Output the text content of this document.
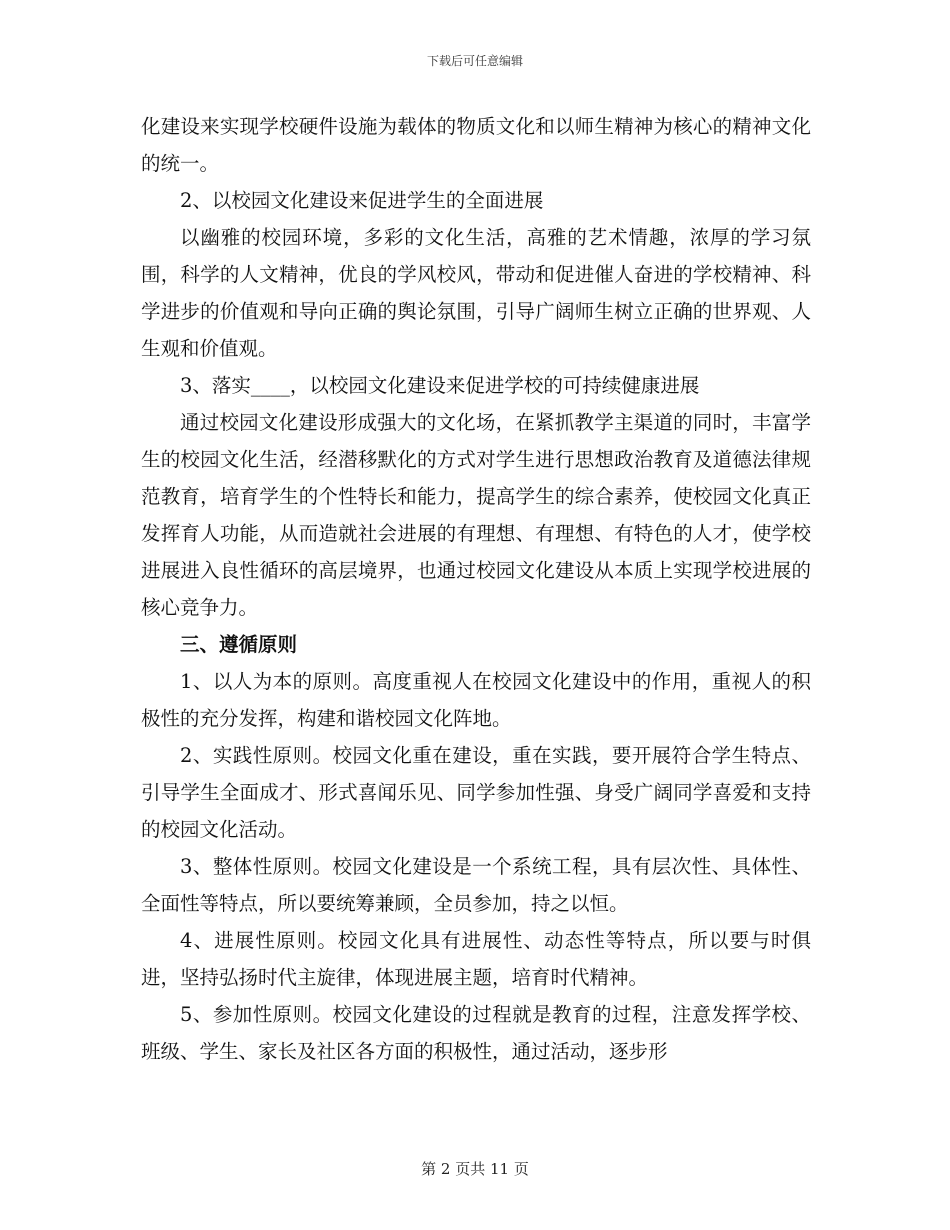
下载后可任意编辑

化建设来实现学校硬件设施为载体的物质文化和以师生精神为核心的精神文化的统一。

2、以校园文化建设来促进学生的全面进展

以幽雅的校园环境，多彩的文化生活，高雅的艺术情趣，浓厚的学习氛围，科学的人文精神，优良的学风校风，带动和促进催人奋进的学校精神、科学进步的价值观和导向正确的舆论氛围，引导广阔师生树立正确的世界观、人生观和价值观。

3、落实____，以校园文化建设来促进学校的可持续健康进展

通过校园文化建设形成强大的文化场，在紧抓教学主渠道的同时，丰富学生的校园文化生活，经潜移默化的方式对学生进行思想政治教育及道德法律规范教育，培育学生的个性特长和能力，提高学生的综合素养，使校园文化真正发挥育人功能，从而造就社会进展的有理想、有理想、有特色的人才，使学校进展进入良性循环的高层境界，也通过校园文化建设从本质上实现学校进展的核心竞争力。

三、遵循原则

1、以人为本的原则。高度重视人在校园文化建设中的作用，重视人的积极性的充分发挥，构建和谐校园文化阵地。

2、实践性原则。校园文化重在建设，重在实践，要开展符合学生特点、引导学生全面成才、形式喜闻乐见、同学参加性强、身受广阔同学喜爱和支持的校园文化活动。

3、整体性原则。校园文化建设是一个系统工程，具有层次性、具体性、全面性等特点，所以要统筹兼顾，全员参加，持之以恒。

4、进展性原则。校园文化具有进展性、动态性等特点，所以要与时俱进，坚持弘扬时代主旋律，体现进展主题，培育时代精神。

5、参加性原则。校园文化建设的过程就是教育的过程，注意发挥学校、班级、学生、家长及社区各方面的积极性，通过活动，逐步形

第 2 页共 11 页
